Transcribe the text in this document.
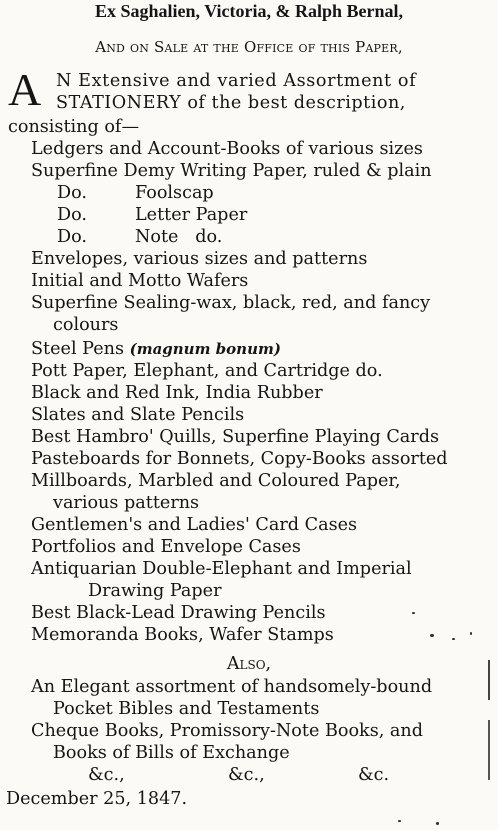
Ex Saghalien, Victoria, & Ralph Bernal,
And on Sale at the Office of this Paper,
A N Extensive and varied Assortment of
STATIONERY of the best description,
consisting of—
Ledgers and Account-Books of various sizes
Superfine Demy Writing Paper, ruled & plain
Do.	Foolscap
Do.	Letter Paper
Do.	Note   do.
Envelopes, various sizes and patterns
Initial and Motto Wafers
Superfine Sealing-wax, black, red, and fancy
colours
Steel Pens (magnum bonum)
Pott Paper, Elephant, and Cartridge do.
Black and Red Ink, India Rubber
Slates and Slate Pencils
Best Hambro' Quills, Superfine Playing Cards
Pasteboards for Bonnets, Copy-Books assorted
Millboards, Marbled and Coloured Paper,
various patterns
Gentlemen's and Ladies' Card Cases
Portfolios and Envelope Cases
Antiquarian Double-Elephant and Imperial
Drawing Paper
Best Black-Lead Drawing Pencils
Memoranda Books, Wafer Stamps
Also,
An Elegant assortment of handsomely-bound
Pocket Bibles and Testaments
Cheque Books, Promissory-Note Books, and
Books of Bills of Exchange
&c.,	&c.,	&c.
December 25, 1847.
